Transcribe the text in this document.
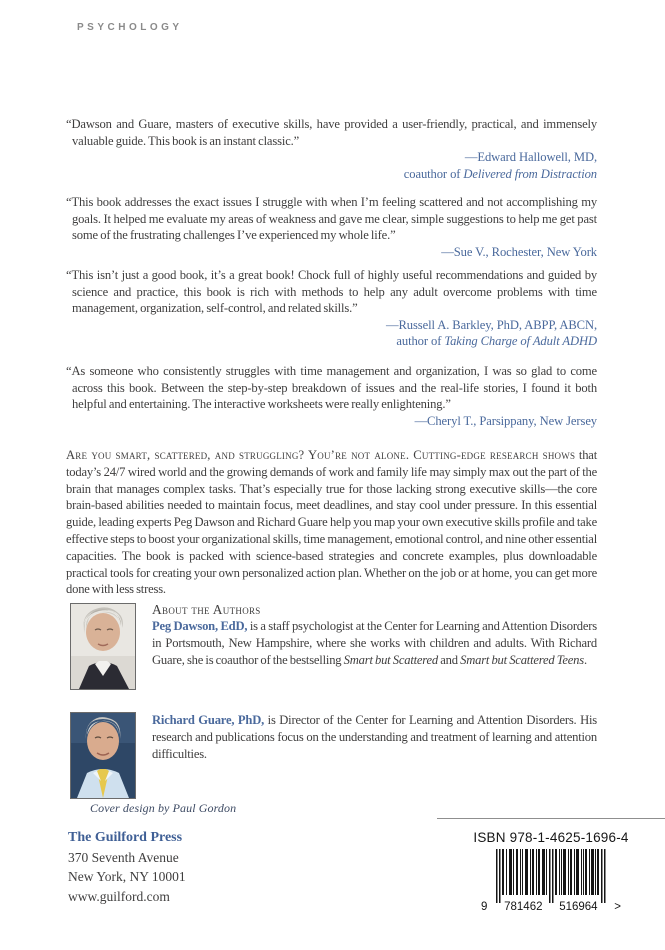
PSYCHOLOGY

“Dawson and Guare, masters of executive skills, have provided a user-friendly, practical, and immensely valuable guide. This book is an instant classic.”

—Edward Hallowell, MD,
coauthor of Delivered from Distraction

“This book addresses the exact issues I struggle with when I’m feeling scattered and not accomplishing my goals. It helped me evaluate my areas of weakness and gave me clear, simple suggestions to help me get past some of the frustrating challenges I’ve experienced my whole life.”

—Sue V., Rochester, New York

“This isn’t just a good book, it’s a great book! Chock full of highly useful recommendations and guided by science and practice, this book is rich with methods to help any adult overcome problems with time management, organization, self-control, and related skills.”

—Russell A. Barkley, PhD, ABPP, ABCN,
author of Taking Charge of Adult ADHD

“As someone who consistently struggles with time management and organization, I was so glad to come across this book. Between the step-by-step breakdown of issues and the real-life stories, I found it both helpful and entertaining. The interactive worksheets were really enlightening.”

—Cheryl T., Parsippany, New Jersey

Are you smart, scattered, and struggling? You’re not alone. Cutting-edge research shows that today’s 24/7 wired world and the growing demands of work and family life may simply max out the part of the brain that manages complex tasks. That’s especially true for those lacking strong executive skills—the core brain-based abilities needed to maintain focus, meet deadlines, and stay cool under pressure. In this essential guide, leading experts Peg Dawson and Richard Guare help you map your own executive skills profile and take effective steps to boost your organizational skills, time management, emotional control, and nine other essential capacities. The book is packed with science-based strategies and concrete examples, plus downloadable practical tools for creating your own personalized action plan. Whether on the job or at home, you can get more done with less stress.

About the Authors

Peg Dawson, EdD, is a staff psychologist at the Center for Learning and Attention Disorders in Portsmouth, New Hampshire, where she works with children and adults. With Richard Guare, she is coauthor of the bestselling Smart but Scattered and Smart but Scattered Teens.

Richard Guare, PhD, is Director of the Center for Learning and Attention Disorders. His research and publications focus on the understanding and treatment of learning and attention difficulties.

Cover design by Paul Gordon
The Guilford Press
370 Seventh Avenue
New York, NY 10001
www.guilford.com
ISBN 978-1-4625-1696-4
9 781462 516964 >
